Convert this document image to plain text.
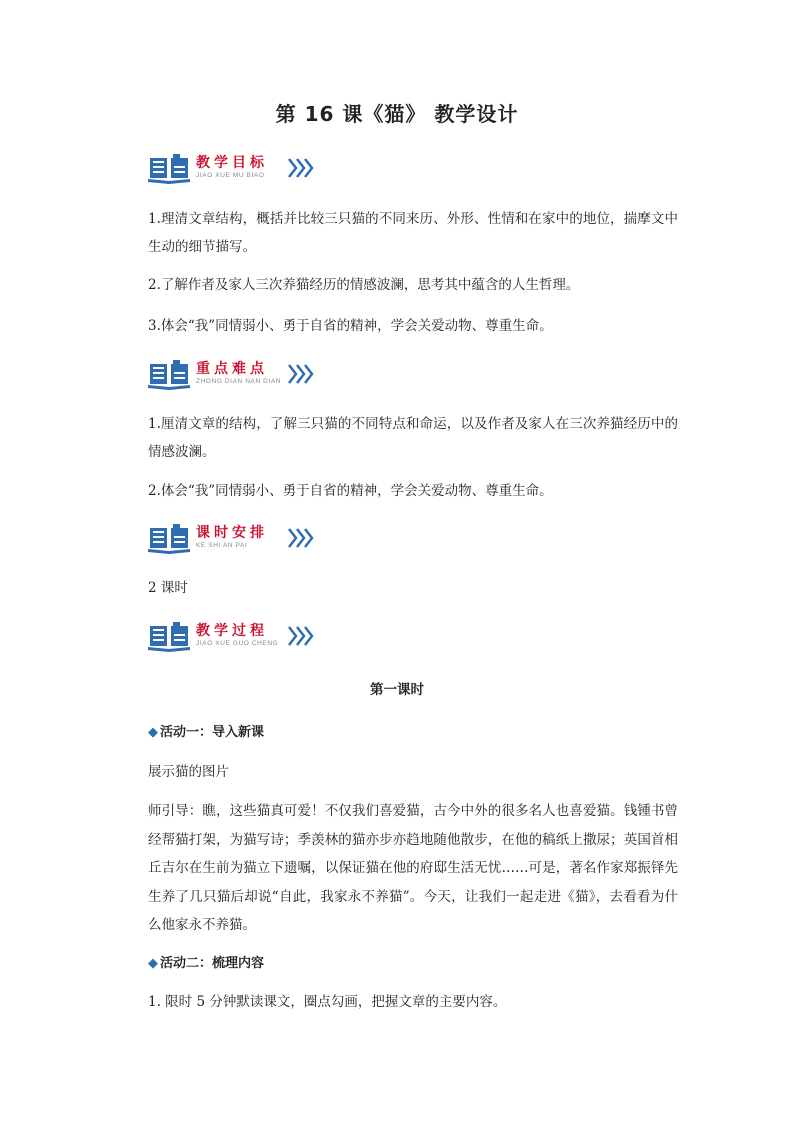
第 16 课《猫》 教学设计
教学目标
JIAO XUE MU BIAO
1.理清文章结构，概括并比较三只猫的不同来历、外形、性情和在家中的地位，揣摩文中生动的细节描写。
2.了解作者及家人三次养猫经历的情感波澜，思考其中蕴含的人生哲理。
3.体会“我”同情弱小、勇于自省的精神，学会关爱动物、尊重生命。
重点难点
ZHONG DIAN NAN DIAN
1.厘清文章的结构，了解三只猫的不同特点和命运，以及作者及家人在三次养猫经历中的情感波澜。
2.体会“我”同情弱小、勇于自省的精神，学会关爱动物、尊重生命。
课时安排
KE SHI AN PAI
2 课时
教学过程
JIAO XUE GUO CHENG
第一课时
◆ 活动一：导入新课
展示猫的图片
师引导：瞧，这些猫真可爱！不仅我们喜爱猫，古今中外的很多名人也喜爱猫。钱锺书曾经帮猫打架，为猫写诗；季羡林的猫亦步亦趋地随他散步，在他的稿纸上撒尿；英国首相丘吉尔在生前为猫立下遗嘱，以保证猫在他的府邸生活无忧……可是，著名作家郑振铎先生养了几只猫后却说“自此，我家永不养猫”。今天，让我们一起走进《猫》，去看看为什么他家永不养猫。
◆ 活动二：梳理内容
1. 限时 5 分钟默读课文，圈点勾画，把握文章的主要内容。
